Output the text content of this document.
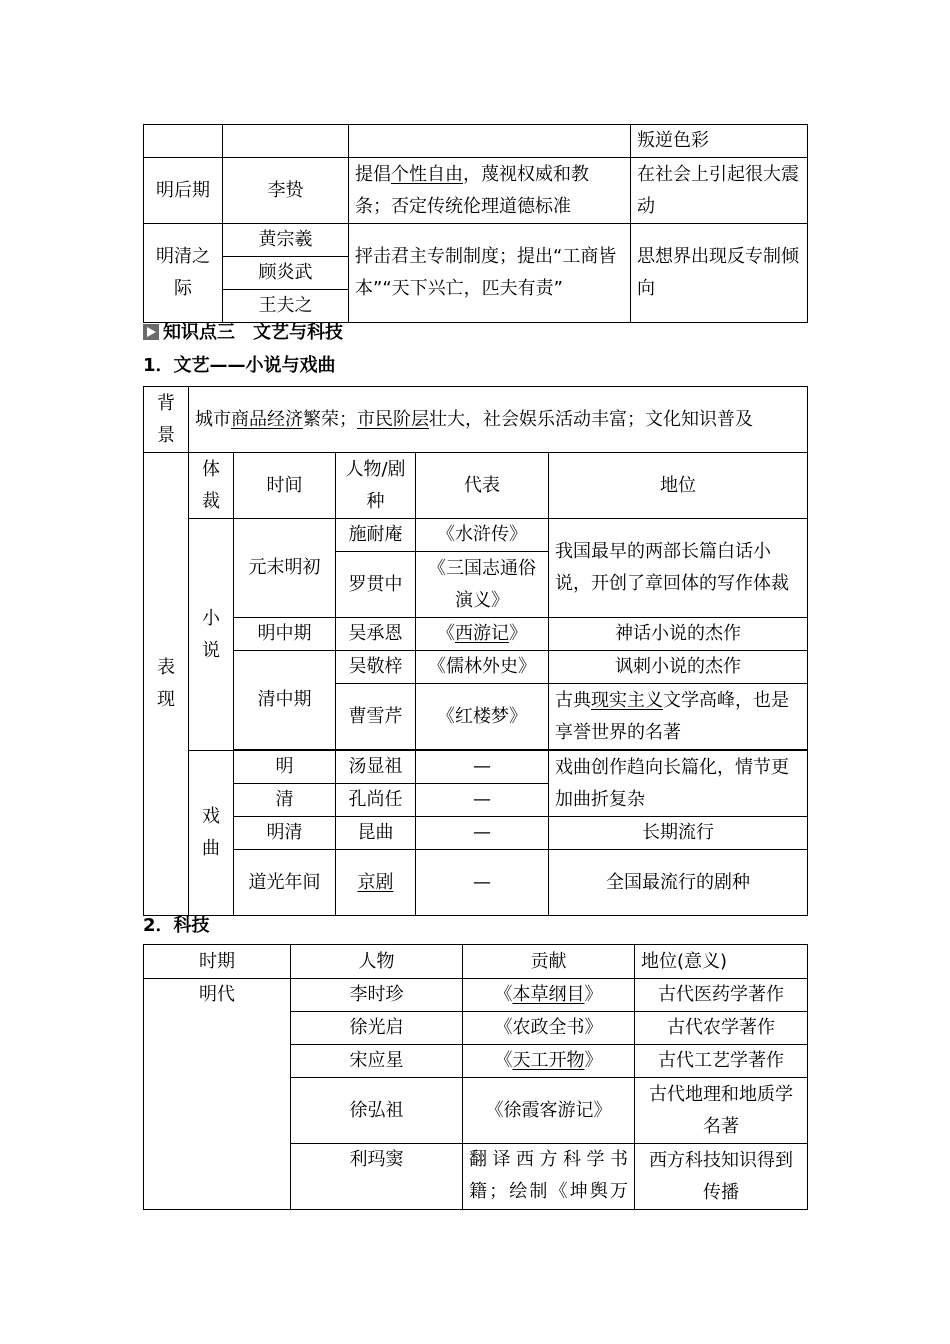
			叛逆色彩
明后期	李贽	提倡个性自由，蔑视权威和教条；否定传统伦理道德标准	在社会上引起很大震动
明清之际	黄宗羲	抨击君主专制制度；提出“工商皆本”“天下兴亡，匹夫有责”	思想界出现反专制倾向
	顾炎武		
	王夫之		
知识点三　文艺与科技
1．文艺——小说与戏曲
背景	城市商品经济繁荣；市民阶层壮大，社会娱乐活动丰富；文化知识普及				
表现	体裁	时间	人物/剧种	代表	地位
	小说	元末明初	施耐庵	《水浒传》	我国最早的两部长篇白话小说，开创了章回体的写作体裁
			罗贯中	《三国志通俗演义》	
		明中期	吴承恩	《西游记》	神话小说的杰作
		清中期	吴敬梓	《儒林外史》	讽刺小说的杰作
			曹雪芹	《红楼梦》	古典现实主义文学高峰，也是享誉世界的名著

	戏曲	明	汤显祖	—	戏曲创作趋向长篇化，情节更加曲折复杂
		清	孔尚任	—	
		明清	昆曲	—	长期流行
		道光年间	京剧	—	全国最流行的剧种
2．科技
时期	人物	贡献	地位(意义)
明代	李时珍	《本草纲目》	古代医药学著作
	徐光启	《农政全书》	古代农学著作
	宋应星	《天工开物》	古代工艺学著作
	徐弘祖	《徐霞客游记》	古代地理和地质学名著
	利玛窦	翻译西方科学书籍；绘制《坤舆万	西方科技知识得到传播
